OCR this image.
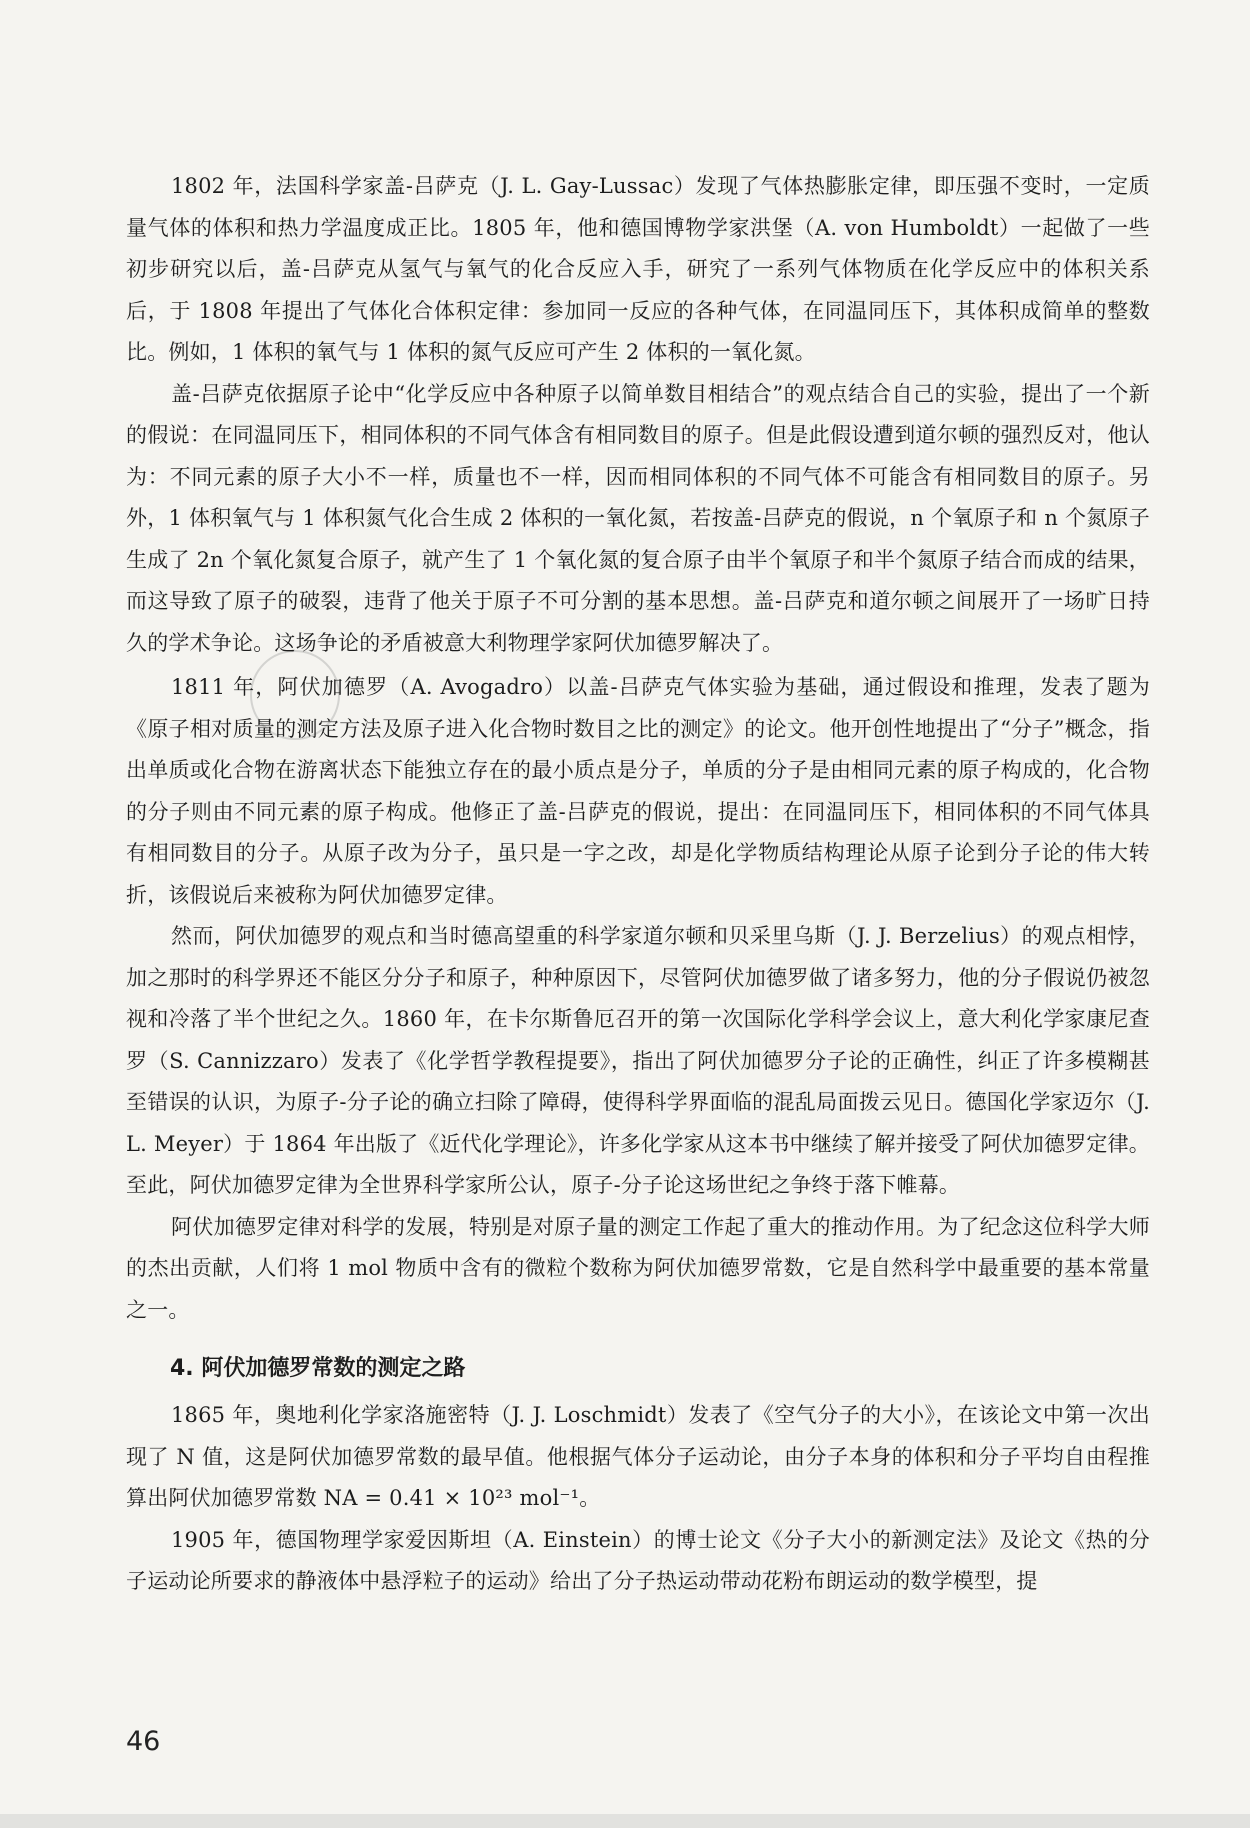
1802 年，法国科学家盖-吕萨克（J. L. Gay-Lussac）发现了气体热膨胀定律，即压强不变时，一定质量气体的体积和热力学温度成正比。1805 年，他和德国博物学家洪堡（A. von Humboldt）一起做了一些初步研究以后，盖-吕萨克从氢气与氧气的化合反应入手，研究了一系列气体物质在化学反应中的体积关系后，于 1808 年提出了气体化合体积定律：参加同一反应的各种气体，在同温同压下，其体积成简单的整数比。例如，1 体积的氧气与 1 体积的氮气反应可产生 2 体积的一氧化氮。

盖-吕萨克依据原子论中“化学反应中各种原子以简单数目相结合”的观点结合自己的实验，提出了一个新的假说：在同温同压下，相同体积的不同气体含有相同数目的原子。但是此假设遭到道尔顿的强烈反对，他认为：不同元素的原子大小不一样，质量也不一样，因而相同体积的不同气体不可能含有相同数目的原子。另外，1 体积氧气与 1 体积氮气化合生成 2 体积的一氧化氮，若按盖-吕萨克的假说，n 个氧原子和 n 个氮原子生成了 2n 个氧化氮复合原子，就产生了 1 个氧化氮的复合原子由半个氧原子和半个氮原子结合而成的结果，而这导致了原子的破裂，违背了他关于原子不可分割的基本思想。盖-吕萨克和道尔顿之间展开了一场旷日持久的学术争论。这场争论的矛盾被意大利物理学家阿伏加德罗解决了。

1811 年，阿伏加德罗（A. Avogadro）以盖-吕萨克气体实验为基础，通过假设和推理，发表了题为《原子相对质量的测定方法及原子进入化合物时数目之比的测定》的论文。他开创性地提出了“分子”概念，指出单质或化合物在游离状态下能独立存在的最小质点是分子，单质的分子是由相同元素的原子构成的，化合物的分子则由不同元素的原子构成。他修正了盖-吕萨克的假说，提出：在同温同压下，相同体积的不同气体具有相同数目的分子。从原子改为分子，虽只是一字之改，却是化学物质结构理论从原子论到分子论的伟大转折，该假说后来被称为阿伏加德罗定律。

然而，阿伏加德罗的观点和当时德高望重的科学家道尔顿和贝采里乌斯（J. J. Berzelius）的观点相悖，加之那时的科学界还不能区分分子和原子，种种原因下，尽管阿伏加德罗做了诸多努力，他的分子假说仍被忽视和冷落了半个世纪之久。1860 年，在卡尔斯鲁厄召开的第一次国际化学科学会议上，意大利化学家康尼查罗（S. Cannizzaro）发表了《化学哲学教程提要》，指出了阿伏加德罗分子论的正确性，纠正了许多模糊甚至错误的认识，为原子-分子论的确立扫除了障碍，使得科学界面临的混乱局面拨云见日。德国化学家迈尔（J. L. Meyer）于 1864 年出版了《近代化学理论》，许多化学家从这本书中继续了解并接受了阿伏加德罗定律。至此，阿伏加德罗定律为全世界科学家所公认，原子-分子论这场世纪之争终于落下帷幕。

阿伏加德罗定律对科学的发展，特别是对原子量的测定工作起了重大的推动作用。为了纪念这位科学大师的杰出贡献，人们将 1 mol 物质中含有的微粒个数称为阿伏加德罗常数，它是自然科学中最重要的基本常量之一。

4. 阿伏加德罗常数的测定之路

1865 年，奥地利化学家洛施密特（J. J. Loschmidt）发表了《空气分子的大小》，在该论文中第一次出现了 N 值，这是阿伏加德罗常数的最早值。他根据气体分子运动论，由分子本身的体积和分子平均自由程推算出阿伏加德罗常数 NA = 0.41 × 10²³ mol⁻¹。

1905 年，德国物理学家爱因斯坦（A. Einstein）的博士论文《分子大小的新测定法》及论文《热的分子运动论所要求的静液体中悬浮粒子的运动》给出了分子热运动带动花粉布朗运动的数学模型，提

46
